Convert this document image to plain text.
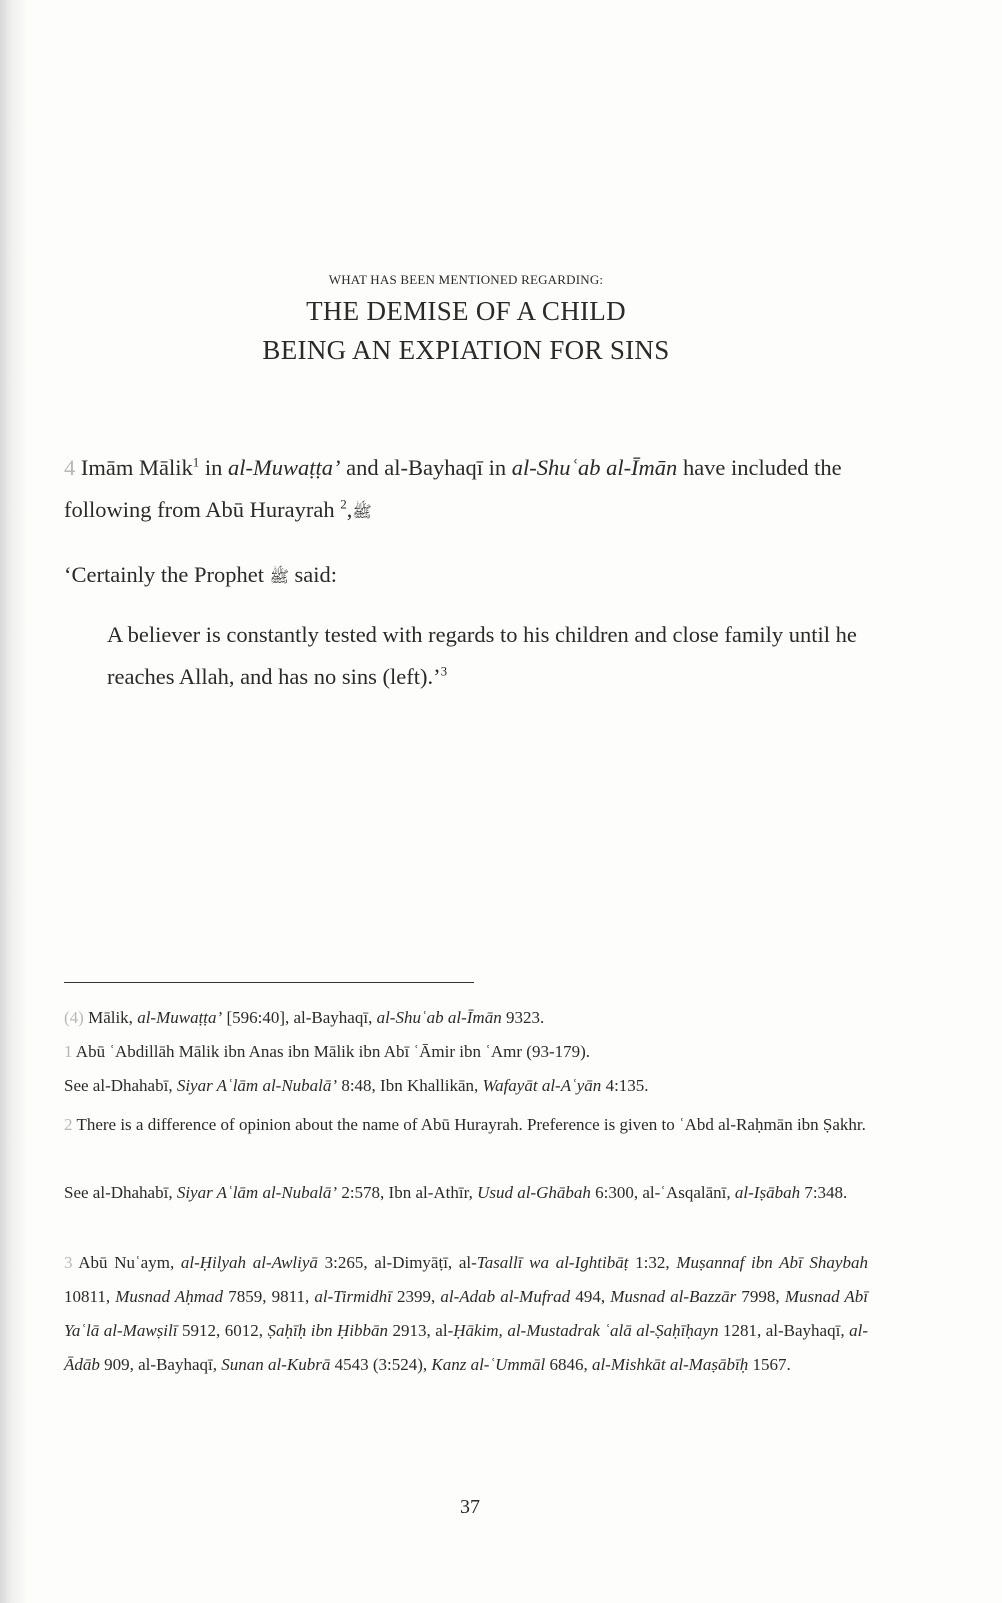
WHAT HAS BEEN MENTIONED REGARDING:
THE DEMISE OF A CHILD
BEING AN EXPIATION FOR SINS
4 Imām Mālik$^1$ in al-Muwaṭṭa’ and al-Bayhaqī in al-Shuʿab al-Īmān have included the following from Abū Hurayrah ﷺ,$^2$
‘Certainly the Prophet ﷺ said:
A believer is constantly tested with regards to his children and close family until he reaches Allah, and has no sins (left).’$^3$
(4) Mālik, al-Muwaṭṭa’ [596:40], al-Bayhaqī, al-Shuʿab al-Īmān 9323.
1 Abū ʿAbdillāh Mālik ibn Anas ibn Mālik ibn Abī ʿĀmir ibn ʿAmr (93-179).
See al-Dhahabī, Siyar Aʿlām al-Nubalā’ 8:48, Ibn Khallikān, Wafayāt al-Aʿyān 4:135.
2 There is a difference of opinion about the name of Abū Hurayrah. Preference is given to ʿAbd al-Raḥmān ibn Ṣakhr.
See al-Dhahabī, Siyar Aʿlām al-Nubalā’ 2:578, Ibn al-Athīr, Usud al-Ghābah 6:300, al-ʿAsqalānī, al-Iṣābah 7:348.
3 Abū Nuʿaym, al-Ḥilyah al-Awliyā 3:265, al-Dimyāṭī, al-Tasallī wa al-Ightibāṭ 1:32, Muṣannaf ibn Abī Shaybah 10811, Musnad Aḥmad 7859, 9811, al-Tirmidhī 2399, al-Adab al-Mufrad 494, Musnad al-Bazzār 7998, Musnad Abī Yaʿlā al-Mawṣilī 5912, 6012, Ṣaḥīḥ ibn Ḥibbān 2913, al-Ḥākim, al-Mustadrak ʿalā al-Ṣaḥīḥayn 1281, al-Bayhaqī, al-Ādāb 909, al-Bayhaqī, Sunan al-Kubrā 4543 (3:524), Kanz al-ʿUmmāl 6846, al-Mishkāt al-Maṣābīḥ 1567.
37
